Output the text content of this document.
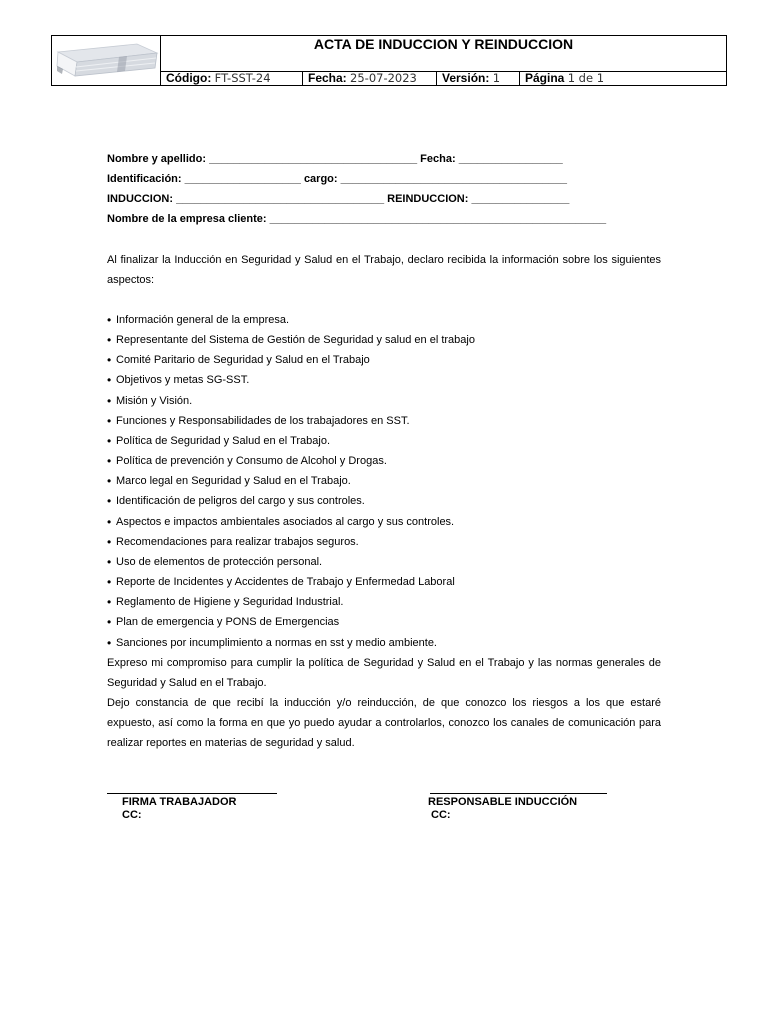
ACTA DE INDUCCION Y REINDUCCION
Código: FT-SST-24	Fecha: 25-07-2023	Versión: 1	Página 1 de 1
Nombre y apellido: __________________________________ Fecha: _________________
Identificación: ___________________ cargo: _____________________________________
INDUCCION: __________________________________ REINDUCCION: ________________
Nombre de la empresa cliente: _______________________________________________________

Al finalizar la Inducción en Seguridad y Salud en el Trabajo, declaro recibida la información sobre los siguientes aspectos:

• Información general de la empresa.
• Representante del Sistema de Gestión de Seguridad y salud en el trabajo
• Comité Paritario de Seguridad y Salud en el Trabajo
• Objetivos y metas SG-SST.
• Misión y Visión.
• Funciones y Responsabilidades de los trabajadores en SST.
• Política de Seguridad y Salud en el Trabajo.
• Política de prevención y Consumo de Alcohol y Drogas.
• Marco legal en Seguridad y Salud en el Trabajo.
• Identificación de peligros del cargo y sus controles.
• Aspectos e impactos ambientales asociados al cargo y sus controles.
• Recomendaciones para realizar trabajos seguros.
• Uso de elementos de protección personal.
• Reporte de Incidentes y Accidentes de Trabajo y Enfermedad Laboral
• Reglamento de Higiene y Seguridad Industrial.
• Plan de emergencia y PONS de Emergencias
• Sanciones por incumplimiento a normas en sst y medio ambiente.

Expreso mi compromiso para cumplir la política de Seguridad y Salud en el Trabajo y las normas generales de Seguridad y Salud en el Trabajo.

Dejo constancia de que recibí la inducción y/o reinducción, de que conozco los riesgos a los que estaré expuesto, así como la forma en que yo puedo ayudar a controlarlos, conozco los canales de comunicación para realizar reportes en materias de seguridad y salud.

FIRMA TRABAJADOR
CC:
RESPONSABLE INDUCCIÓN
CC:
